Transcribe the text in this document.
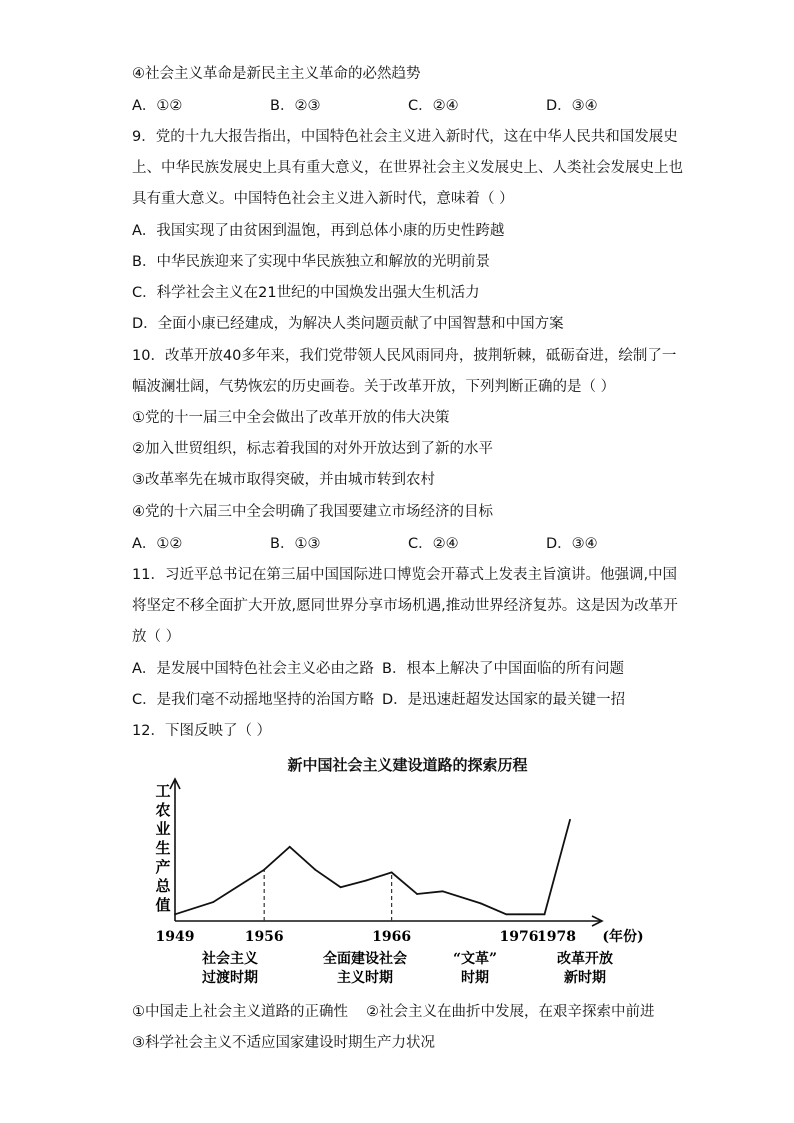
④社会主义革命是新民主主义革命的必然趋势
A．①②	B．②③	C．②④	D．③④
9．党的十九大报告指出，中国特色社会主义进入新时代，这在中华人民共和国发展史
上、中华民族发展史上具有重大意义，在世界社会主义发展史上、人类社会发展史上也
具有重大意义。中国特色社会主义进入新时代，意味着（ ）
A．我国实现了由贫困到温饱，再到总体小康的历史性跨越
B．中华民族迎来了实现中华民族独立和解放的光明前景
C．科学社会主义在21世纪的中国焕发出强大生机活力
D．全面小康已经建成，为解决人类问题贡献了中国智慧和中国方案
10．改革开放40多年来，我们党带领人民风雨同舟，披荆斩棘，砥砺奋进，绘制了一
幅波澜壮阔，气势恢宏的历史画卷。关于改革开放，下列判断正确的是（ ）
①党的十一届三中全会做出了改革开放的伟大决策
②加入世贸组织，标志着我国的对外开放达到了新的水平
③改革率先在城市取得突破，并由城市转到农村
④党的十六届三中全会明确了我国要建立市场经济的目标
A．①②	B．①③	C．②④	D．③④
11．习近平总书记在第三届中国国际进口博览会开幕式上发表主旨演讲。他强调,中国
将坚定不移全面扩大开放,愿同世界分享市场机遇,推动世界经济复苏。这是因为改革开
放（ ）
A．是发展中国特色社会主义必由之路 B．根本上解决了中国面临的所有问题
C．是我们毫不动摇地坚持的治国方略 D．是迅速赶超发达国家的最关键一招
12．下图反映了（ ）
新中国社会主义建设道路的探索历程
工
农
业
生
产
总
值
1949	1956	1966	1976
1978 (年份)
社会主义
过渡时期
全面建设社会
主义时期
“文革”
时期
改革开放
新时期
①中国走上社会主义道路的正确性 ②社会主义在曲折中发展，在艰辛探索中前进
③科学社会主义不适应国家建设时期生产力状况
